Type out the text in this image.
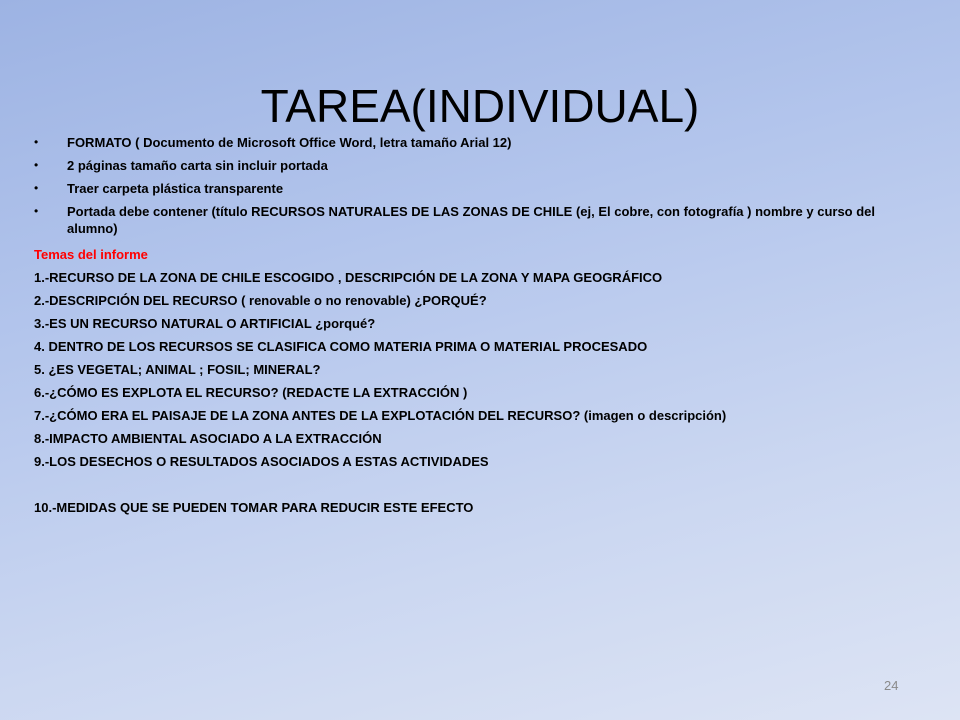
TAREA(INDIVIDUAL)
• FORMATO ( Documento de Microsoft Office Word, letra tamaño Arial 12)
• 2 páginas tamaño carta sin incluir portada
• Traer carpeta plástica transparente
• Portada debe contener (título RECURSOS NATURALES DE LAS ZONAS DE CHILE (ej, El cobre, con fotografía ) nombre y curso del alumno)
Temas del informe
1.-RECURSO DE LA ZONA DE CHILE ESCOGIDO , DESCRIPCIÓN DE LA ZONA Y MAPA GEOGRÁFICO
2.-DESCRIPCIÓN DEL RECURSO ( renovable o no renovable) ¿PORQUÉ?
3.-ES UN RECURSO NATURAL O ARTIFICIAL ¿porqué?
4. DENTRO DE LOS RECURSOS SE CLASIFICA COMO MATERIA PRIMA O MATERIAL PROCESADO
5. ¿ES VEGETAL; ANIMAL ; FOSIL; MINERAL?
6.-¿CÓMO ES EXPLOTA EL RECURSO? (REDACTE LA EXTRACCIÓN )
7.-¿CÓMO ERA EL PAISAJE DE LA ZONA ANTES DE LA EXPLOTACIÓN DEL RECURSO? (imagen o descripción)
8.-IMPACTO AMBIENTAL ASOCIADO A LA EXTRACCIÓN
9.-LOS DESECHOS O RESULTADOS ASOCIADOS A ESTAS ACTIVIDADES
10.-MEDIDAS QUE SE PUEDEN TOMAR PARA REDUCIR ESTE EFECTO
24
